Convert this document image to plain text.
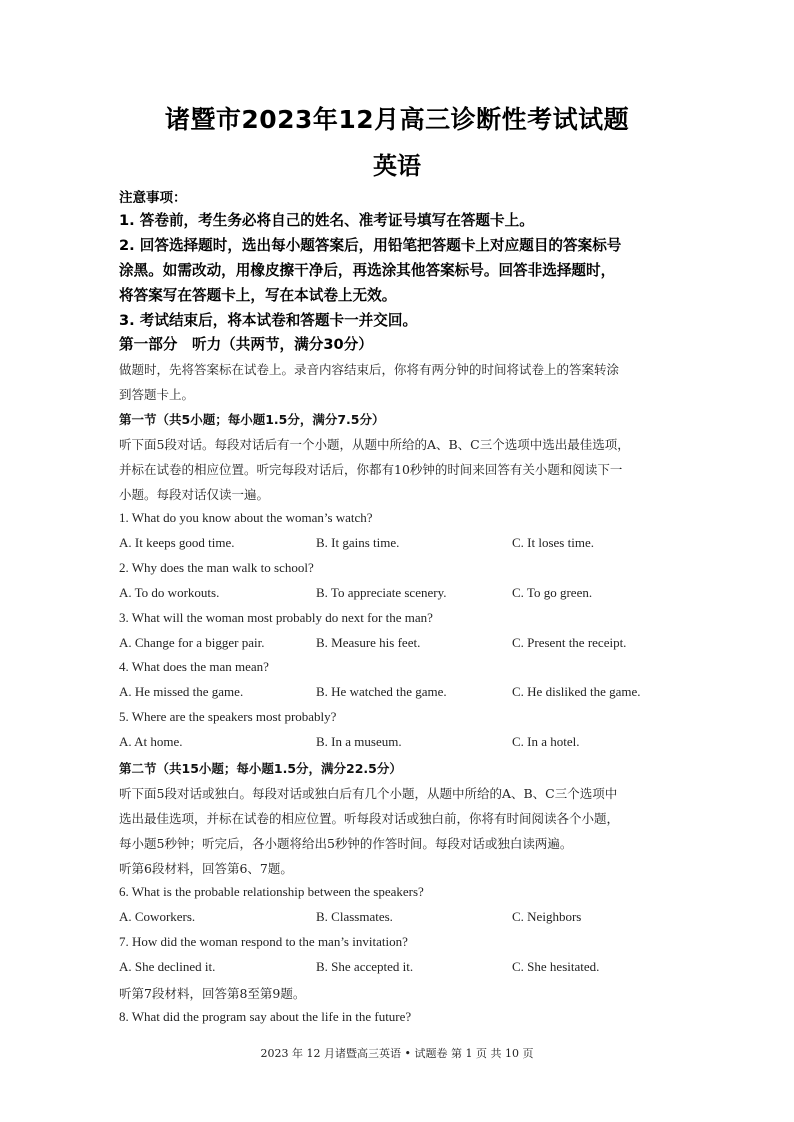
诸暨市2023年12月高三诊断性考试试题
英语
注意事项：
1. 答卷前，考生务必将自己的姓名、准考证号填写在答题卡上。
2. 回答选择题时，选出每小题答案后，用铅笔把答题卡上对应题目的答案标号
涂黑。如需改动，用橡皮擦干净后，再选涂其他答案标号。回答非选择题时，
将答案写在答题卡上，写在本试卷上无效。
3. 考试结束后，将本试卷和答题卡一并交回。
第一部分　听力（共两节，满分30分）
做题时，先将答案标在试卷上。录音内容结束后，你将有两分钟的时间将试卷上的答案转涂
到答题卡上。
第一节（共5小题；每小题1.5分，满分7.5分）
听下面5段对话。每段对话后有一个小题，从题中所给的A、B、C三个选项中选出最佳选项，
并标在试卷的相应位置。听完每段对话后，你都有10秒钟的时间来回答有关小题和阅读下一
小题。每段对话仅读一遍。
1. What do you know about the woman’s watch?
A. It keeps good time.	B. It gains time.	C. It loses time.
2. Why does the man walk to school?
A. To do workouts.	B. To appreciate scenery.	C. To go green.
3. What will the woman most probably do next for the man?
A. Change for a bigger pair.	B. Measure his feet.	C. Present the receipt.
4. What does the man mean?
A. He missed the game.	B. He watched the game.	C. He disliked the game.
5. Where are the speakers most probably?
A. At home.	B. In a museum.	C. In a hotel.
第二节（共15小题；每小题1.5分，满分22.5分）
听下面5段对话或独白。每段对话或独白后有几个小题，从题中所给的A、B、C三个选项中
选出最佳选项，并标在试卷的相应位置。听每段对话或独白前，你将有时间阅读各个小题，
每小题5秒钟；听完后，各小题将给出5秒钟的作答时间。每段对话或独白读两遍。
听第6段材料，回答第6、7题。
6. What is the probable relationship between the speakers?
A. Coworkers.	B. Classmates.	C. Neighbors
7. How did the woman respond to the man’s invitation?
A. She declined it.	B. She accepted it.	C. She hesitated.
听第7段材料，回答第8至第9题。
8. What did the program say about the life in the future?
2023 年 12 月诸暨高三英语 • 试题卷 第 1 页 共 10 页
